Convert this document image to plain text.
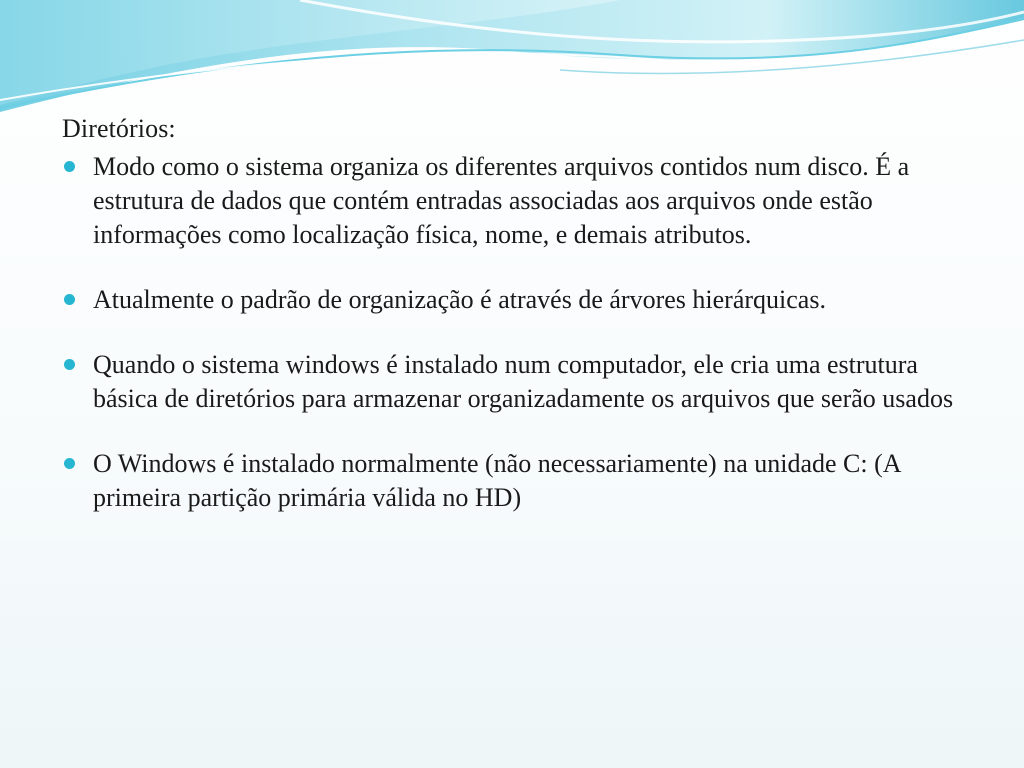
Diretórios:
Modo como o sistema organiza os diferentes arquivos contidos num disco. É a estrutura de dados que contém entradas associadas aos arquivos onde estão informações como localização física, nome, e demais atributos.
Atualmente o padrão de organização é através de árvores hierárquicas.
Quando o sistema windows é instalado num computador, ele cria uma estrutura básica de diretórios para armazenar organizadamente os arquivos que serão usados
O Windows é instalado normalmente (não necessariamente) na unidade C: (A primeira partição primária válida no HD)
